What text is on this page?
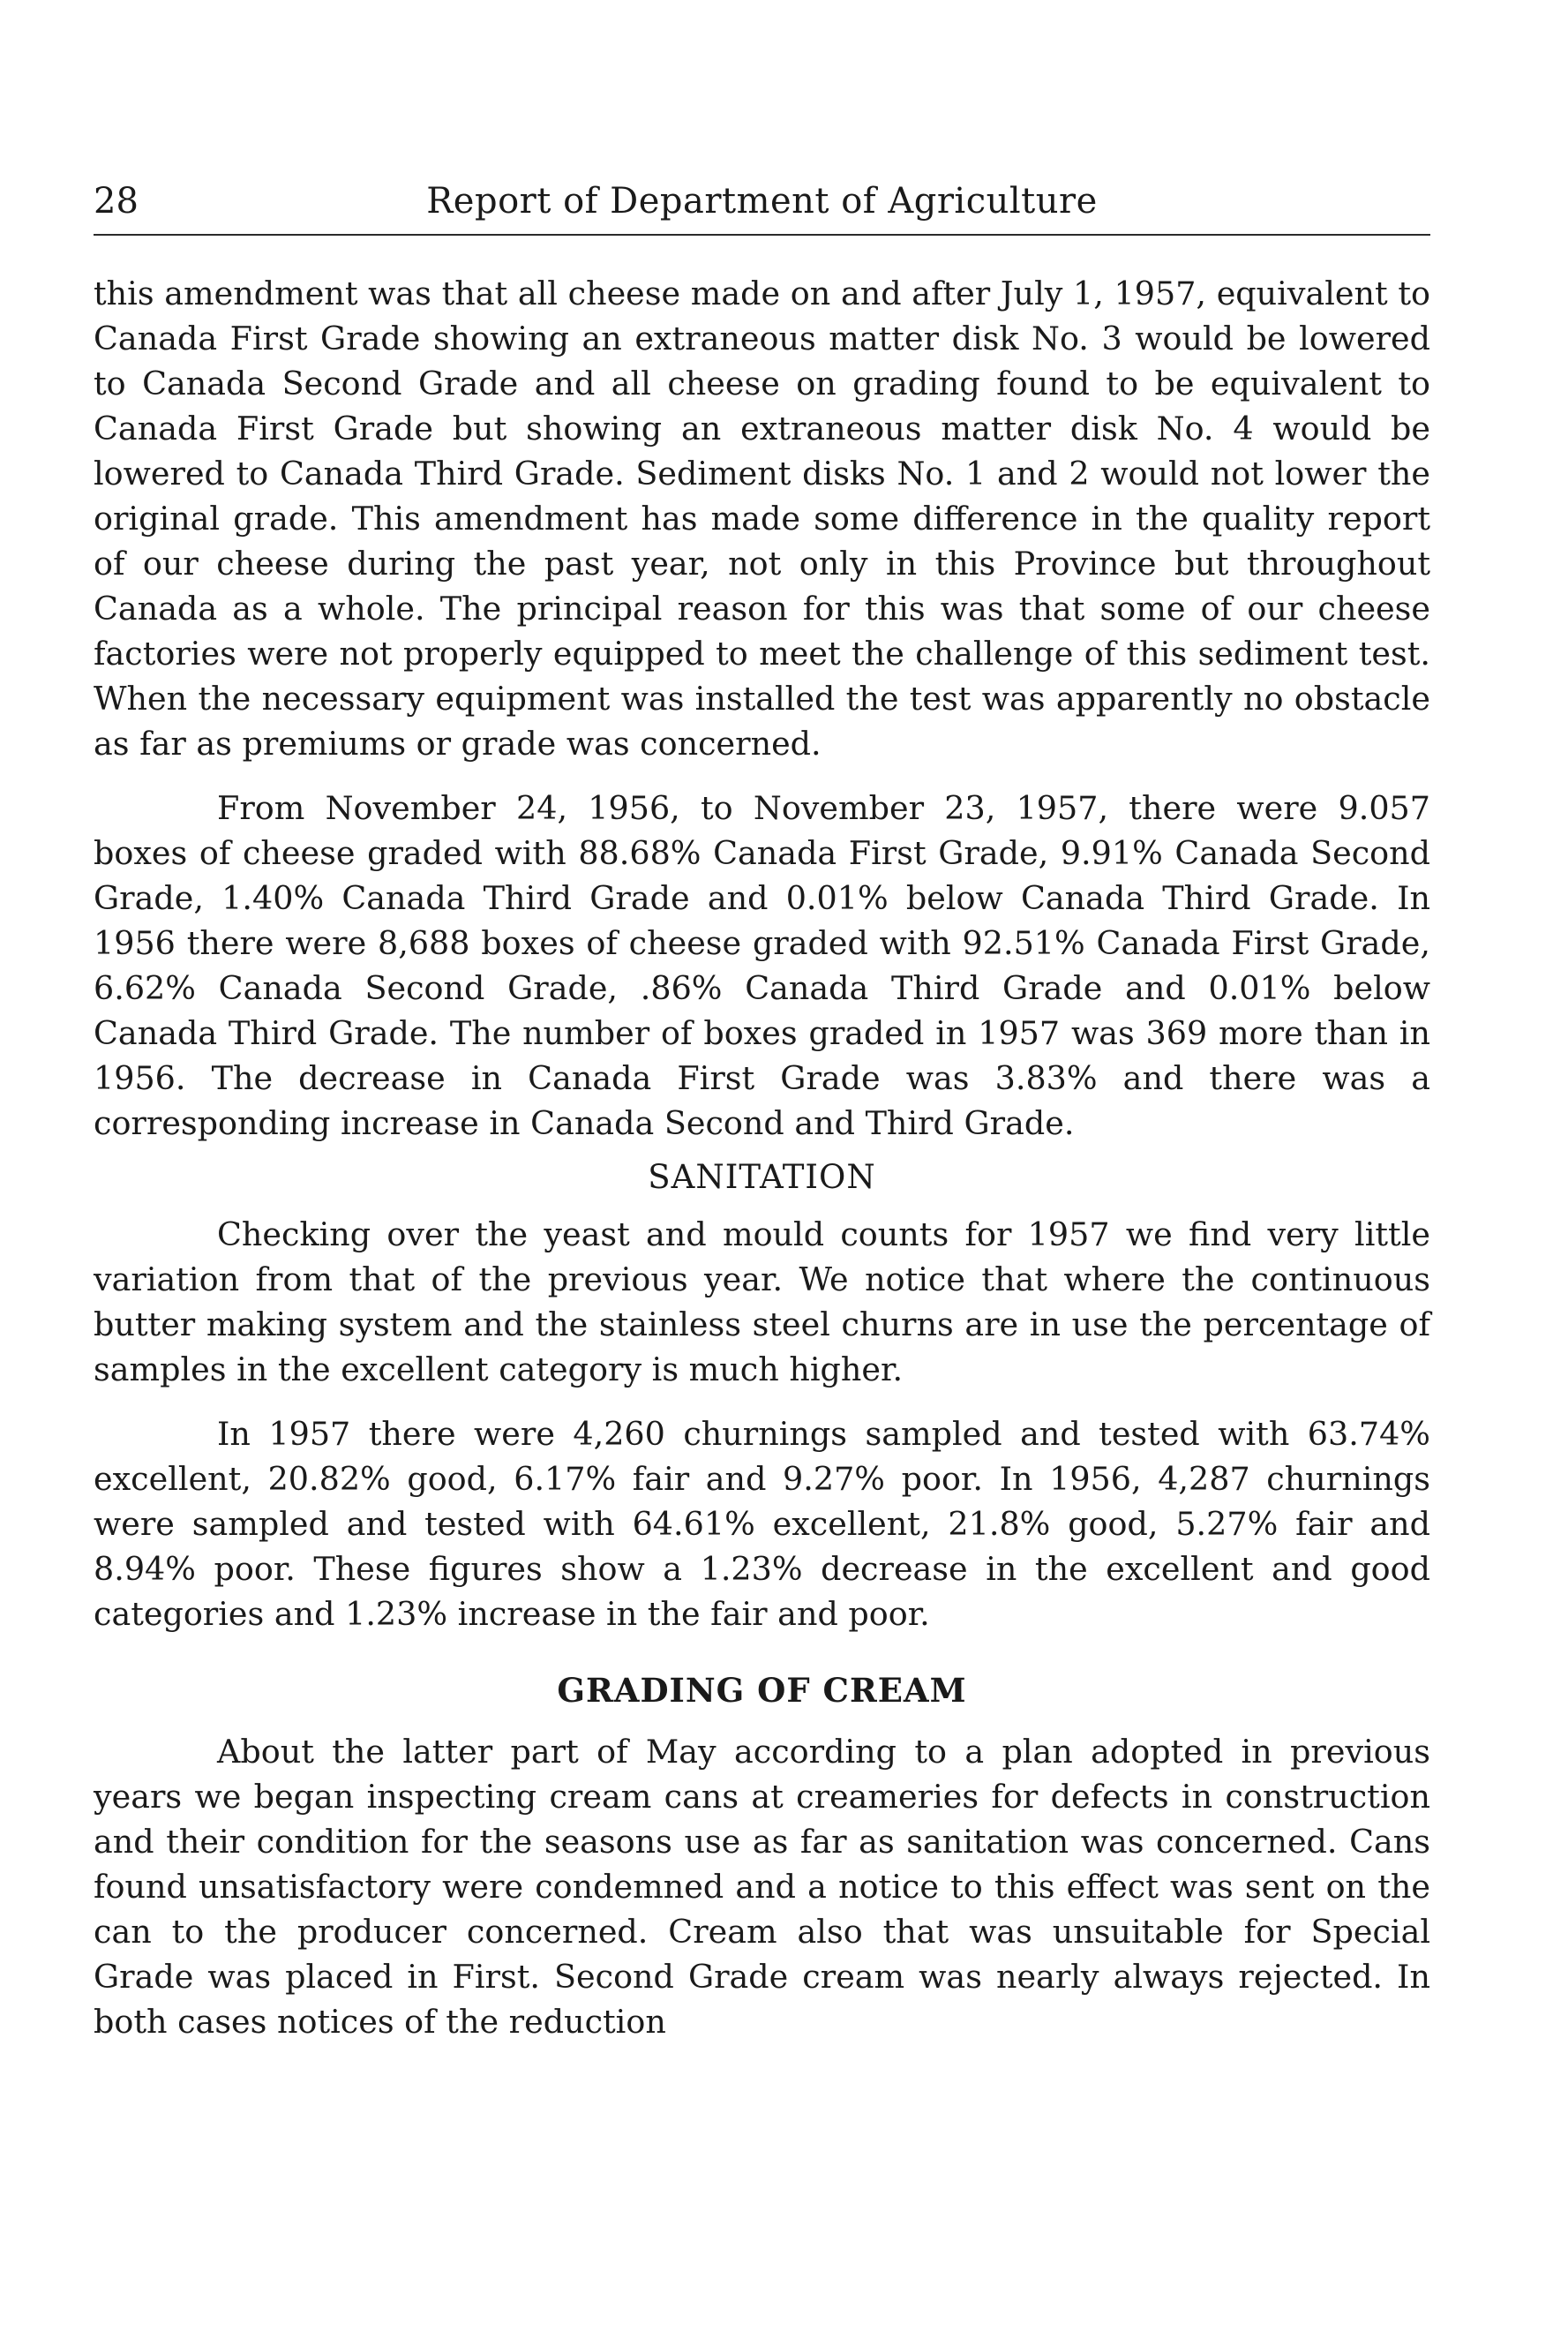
28	Report of Department of Agriculture

this amendment was that all cheese made on and after July 1, 1957, equivalent to Canada First Grade showing an extraneous matter disk No. 3 would be lowered to Canada Second Grade and all cheese on grading found to be equivalent to Canada First Grade but showing an extraneous matter disk No. 4 would be lowered to Canada Third Grade. Sediment disks No. 1 and 2 would not lower the original grade. This amendment has made some difference in the quality report of our cheese during the past year, not only in this Province but throughout Canada as a whole. The principal reason for this was that some of our cheese factories were not properly equipped to meet the challenge of this sediment test. When the necessary equipment was installed the test was apparently no obstacle as far as premiums or grade was concerned.

From November 24, 1956, to November 23, 1957, there were 9.057 boxes of cheese graded with 88.68% Canada First Grade, 9.91% Canada Second Grade, 1.40% Canada Third Grade and 0.01% below Canada Third Grade. In 1956 there were 8,688 boxes of cheese graded with 92.51% Canada First Grade, 6.62% Canada Second Grade, .86% Canada Third Grade and 0.01% below Canada Third Grade. The number of boxes graded in 1957 was 369 more than in 1956. The decrease in Canada First Grade was 3.83% and there was a corresponding increase in Canada Second and Third Grade.

SANITATION

Checking over the yeast and mould counts for 1957 we find very little variation from that of the previous year. We notice that where the continuous butter making system and the stainless steel churns are in use the percentage of samples in the excellent category is much higher.

In 1957 there were 4,260 churnings sampled and tested with 63.74% excellent, 20.82% good, 6.17% fair and 9.27% poor. In 1956, 4,287 churnings were sampled and tested with 64.61% excellent, 21.8% good, 5.27% fair and 8.94% poor. These figures show a 1.23% decrease in the excellent and good categories and 1.23% increase in the fair and poor.

GRADING OF CREAM

About the latter part of May according to a plan adopted in previous years we began inspecting cream cans at creameries for defects in construction and their condition for the seasons use as far as sanitation was concerned. Cans found unsatisfactory were condemned and a notice to this effect was sent on the can to the producer concerned. Cream also that was unsuitable for Special Grade was placed in First. Second Grade cream was nearly always rejected. In both cases notices of the reduction
